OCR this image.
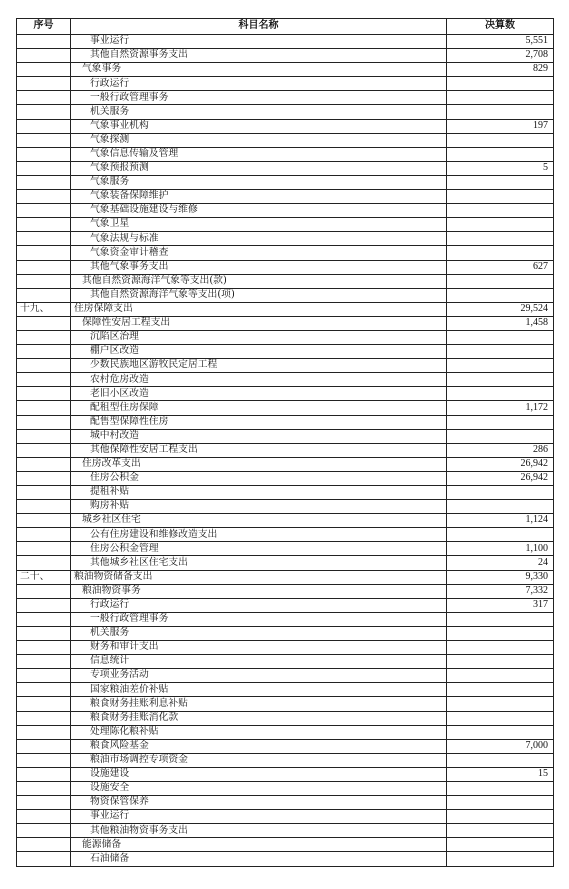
序号	科目名称	决算数
	事业运行	5,551
	其他自然资源事务支出	2,708
	气象事务	829
	行政运行	
	一般行政管理事务	
	机关服务	
	气象事业机构	197
	气象探测	
	气象信息传输及管理	
	气象预报预测	5
	气象服务	
	气象装备保障维护	
	气象基础设施建设与维修	
	气象卫星	
	气象法规与标准	
	气象资金审计稽查	
	其他气象事务支出	627
	其他自然资源海洋气象等支出(款)	
	其他自然资源海洋气象等支出(项)	
十九、	住房保障支出	29,524
	保障性安居工程支出	1,458
	沉陷区治理	
	棚户区改造	
	少数民族地区游牧民定居工程	
	农村危房改造	
	老旧小区改造	
	配租型住房保障	1,172
	配售型保障性住房	
	城中村改造	
	其他保障性安居工程支出	286
	住房改革支出	26,942
	住房公积金	26,942
	提租补贴	
	购房补贴	
	城乡社区住宅	1,124
	公有住房建设和维修改造支出	
	住房公积金管理	1,100
	其他城乡社区住宅支出	24
二十、	粮油物资储备支出	9,330
	粮油物资事务	7,332
	行政运行	317
	一般行政管理事务	
	机关服务	
	财务和审计支出	
	信息统计	
	专项业务活动	
	国家粮油差价补贴	
	粮食财务挂账利息补贴	
	粮食财务挂账消化款	
	处理陈化粮补贴	
	粮食风险基金	7,000
	粮油市场调控专项资金	
	设施建设	15
	设施安全	
	物资保管保养	
	事业运行	
	其他粮油物资事务支出	
	能源储备	
	石油储备	
